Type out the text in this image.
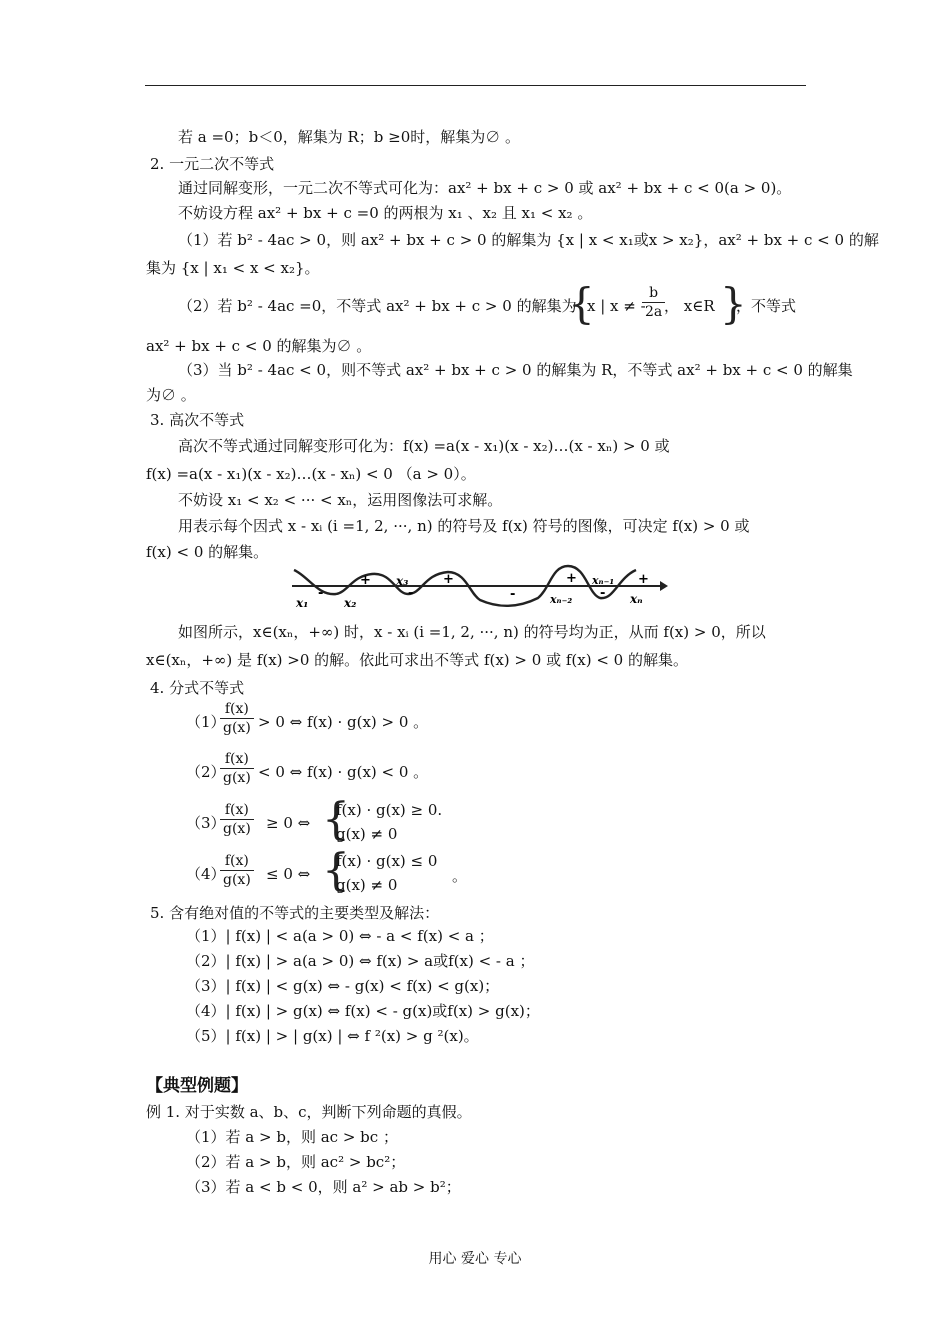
若 a =0；b＜0，解集为 R；b ≥0时，解集为∅ 。
2. 一元二次不等式
通过同解变形，一元二次不等式可化为：ax² + bx + c > 0 或 ax² + bx + c < 0(a > 0)。
不妨设方程 ax² + bx + c =0 的两根为 x₁ 、x₂ 且 x₁ < x₂ 。
（1）若 b² - 4ac > 0，则 ax² + bx + c > 0 的解集为 {x | x < x₁或x > x₂}，ax² + bx + c < 0 的解
集为 {x | x₁ < x < x₂}。
（2）若 b² - 4ac =0，不等式 ax² + bx + c > 0 的解集为
{
x | x ≠ -
$\frac{b}{2a}$
， x∈R }
，不等式
ax² + bx + c < 0 的解集为∅ 。
（3）当 b² - 4ac < 0，则不等式 ax² + bx + c > 0 的解集为 R，不等式 ax² + bx + c < 0 的解集
为∅ 。
3. 高次不等式
高次不等式通过同解变形可化为：f(x) =a(x - x₁)(x - x₂)…(x - xₙ) > 0 或
f(x) =a(x - x₁)(x - x₂)…(x - xₙ) < 0 （a > 0）。
不妨设 x₁ < x₂ < ··· < xₙ，运用图像法可求解。
用表示每个因式 x - xᵢ (i =1, 2, ···, n) 的符号及 f(x) 符号的图像，可决定 f(x) > 0 或
f(x) < 0 的解集。
+	+	+	+
-	-	-	-
x₁	x₂
x₃
xₙ₋₂
xₙ₋₁
xₙ
如图所示，x∈(xₙ，+∞) 时，x - xᵢ (i =1, 2, ···, n) 的符号均为正，从而 f(x) > 0，所以
x∈(xₙ，+∞) 是 f(x) >0 的解。依此可求出不等式 f(x) > 0 或 f(x) < 0 的解集。
4. 分式不等式
（1）
$\frac{f(x)}{g(x)} > 0$ ⇔ f(x) · g(x) > 0 。
（2）
$\frac{f(x)}{g(x)} < 0$ ⇔ f(x) · g(x) < 0 。
（3）
$\frac{f(x)}{g(x)} \ge 0$ ⇔ {
f(x) · g(x) ≥ 0.
g(x) ≠ 0
（4）
$\frac{f(x)}{g(x)} \le 0$ ⇔ {
f(x) · g(x) ≤ 0
g(x) ≠ 0	。
5. 含有绝对值的不等式的主要类型及解法：
（1）| f(x) | < a(a > 0) ⇔ - a < f(x) < a ；
（2）| f(x) | > a(a > 0) ⇔ f(x) > a或f(x) < - a ；
（3）| f(x) | < g(x) ⇔ - g(x) < f(x) < g(x)；
（4）| f(x) | > g(x) ⇔ f(x) < - g(x)或f(x) > g(x)；
（5）| f(x) | > | g(x) | ⇔ f ²(x) > g ²(x)。
【典型例题】
例 1. 对于实数 a、b、c，判断下列命题的真假。
（1）若 a > b，则 ac > bc ；
（2）若 a > b，则 ac² > bc²；
（3）若 a < b < 0，则 a² > ab > b²；
用心 爱心 专心
